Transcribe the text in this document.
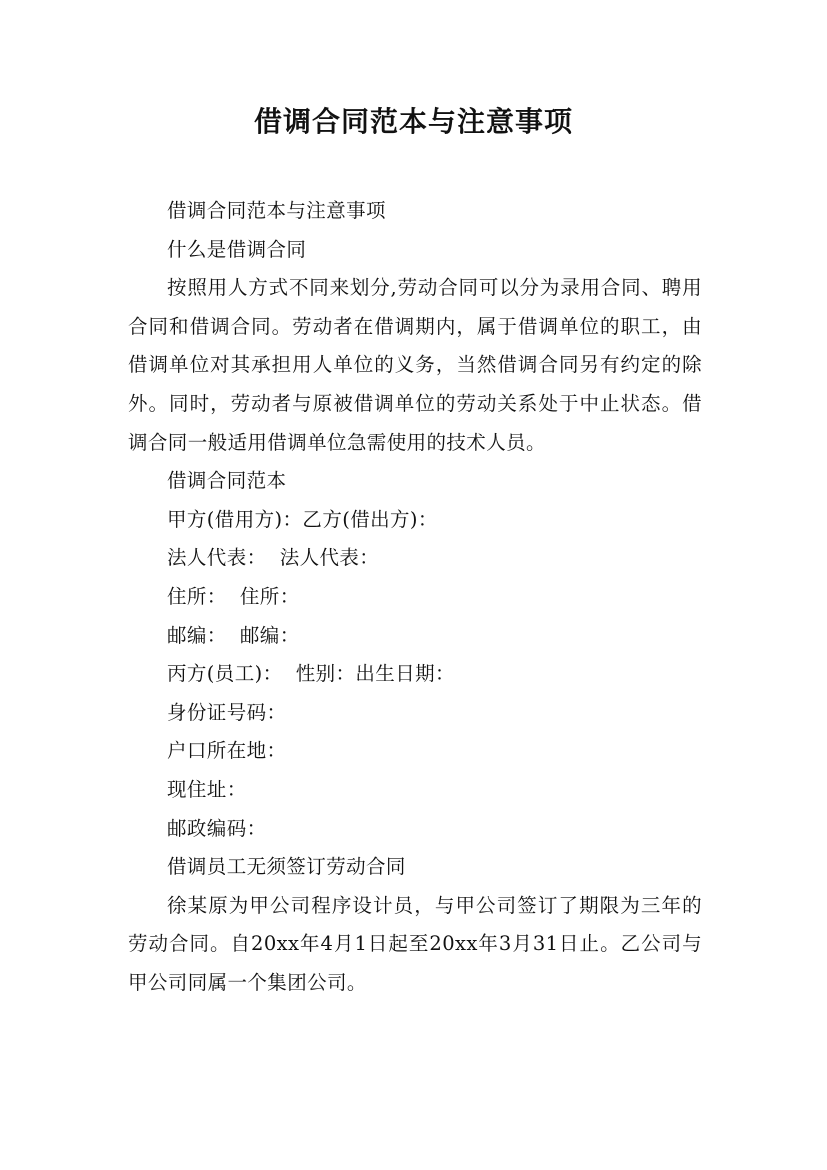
借调合同范本与注意事项

借调合同范本与注意事项

什么是借调合同

按照用人方式不同来划分,劳动合同可以分为录用合同、聘用合同和借调合同。劳动者在借调期内，属于借调单位的职工，由借调单位对其承担用人单位的义务，当然借调合同另有约定的除外。同时，劳动者与原被借调单位的劳动关系处于中止状态。借调合同一般适用借调单位急需使用的技术人员。

借调合同范本

甲方(借用方)：乙方(借出方)：

法人代表：  法人代表：

住所：  住所：

邮编：  邮编：

丙方(员工)：  性别：出生日期：

身份证号码：

户口所在地：

现住址：

邮政编码：

借调员工无须签订劳动合同

徐某原为甲公司程序设计员，与甲公司签订了期限为三年的劳动合同。自20xx年4月1日起至20xx年3月31日止。乙公司与甲公司同属一个集团公司。
